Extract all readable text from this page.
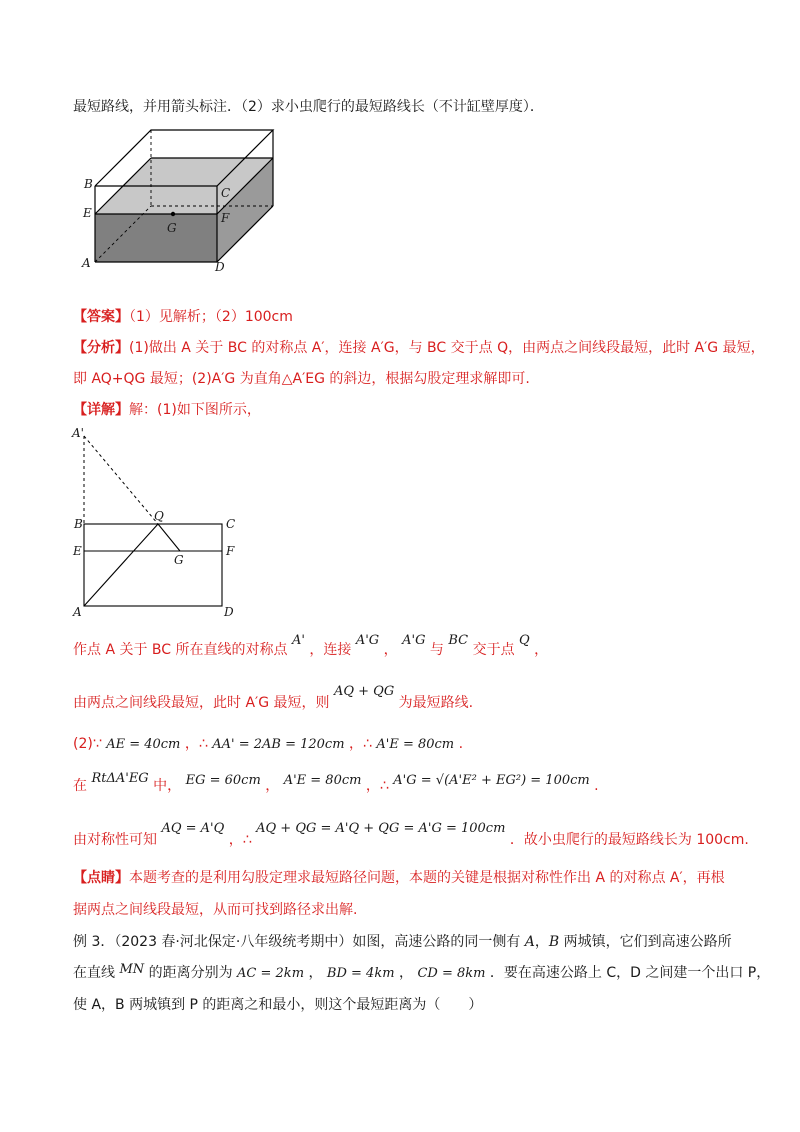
最短路线，并用箭头标注．（2）求小虫爬行的最短路线长（不计缸壁厚度）．
B
E
A
C
F
G
D
【答案】（1）见解析；（2）100cm
【分析】(1)做出 A 关于 BC 的对称点 A′，连接 A′G，与 BC 交于点 Q，由两点之间线段最短，此时 A′G 最短，
即 AQ+QG 最短；(2)A′G 为直角△A′EG 的斜边，根据勾股定理求解即可.
【详解】解：(1)如下图所示，
A'
B
Q
C
E	F
G
A	D
作点 A 关于 BC 所在直线的对称点 A' ，连接 A'G ， A'G 与 BC 交于点 Q ，
由两点之间线段最短，此时 A′G 最短，则 AQ + QG 为最短路线.
(2)∵ AE = 40cm ，∴ AA' = 2AB = 120cm ，∴ A'E = 80cm .
在 RtΔA'EG 中， EG = 60cm ， A'E = 80cm ，∴ A'G = √(A'E² + EG²) = 100cm .
由对称性可知 AQ = A'Q ，∴ AQ + QG = A'Q + QG = A'G = 100cm ．故小虫爬行的最短路线长为 100cm.
【点睛】本题考查的是利用勾股定理求最短路径问题，本题的关键是根据对称性作出 A 的对称点 A′，再根
据两点之间线段最短，从而可找到路径求出解.
例 3．（2023 春·河北保定·八年级统考期中）如图，高速公路的同一侧有 A，B 两城镇，它们到高速公路所
在直线 MN 的距离分别为 AC = 2km ， BD = 4km ， CD = 8km ．要在高速公路上 C，D 之间建一个出口 P，
使 A，B 两城镇到 P 的距离之和最小，则这个最短距离为（　　）
